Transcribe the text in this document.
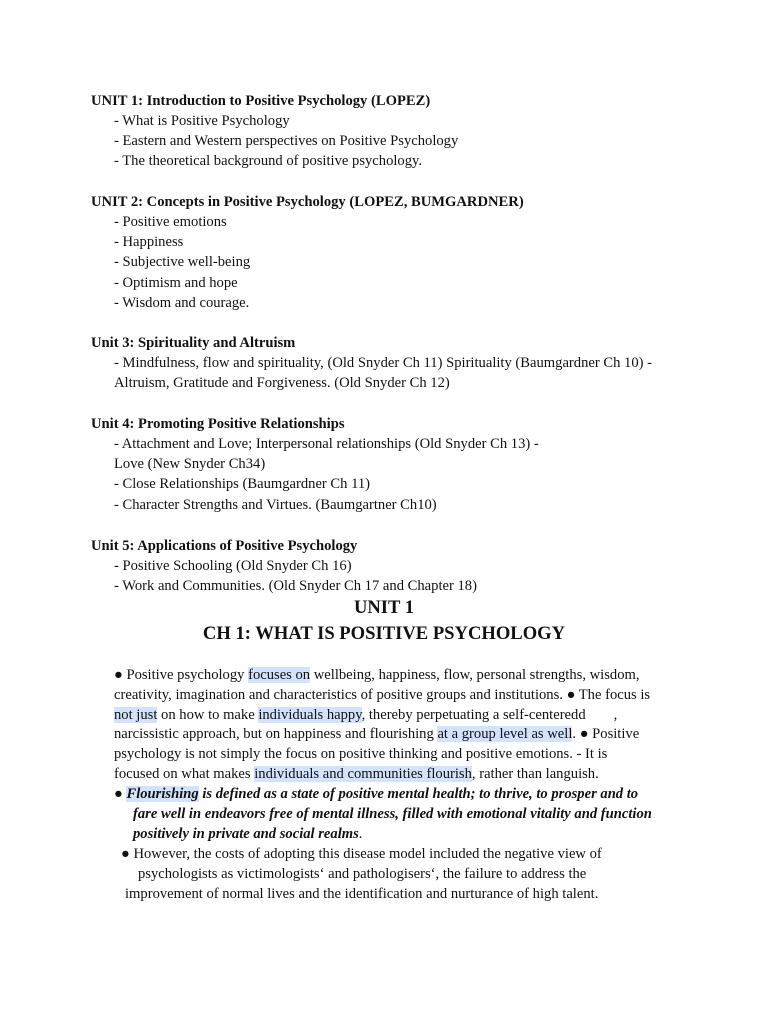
UNIT 1: Introduction to Positive Psychology (LOPEZ)
- What is Positive Psychology
- Eastern and Western perspectives on Positive Psychology
- The theoretical background of positive psychology.
UNIT 2: Concepts in Positive Psychology (LOPEZ, BUMGARDNER)
- Positive emotions
- Happiness
- Subjective well-being
- Optimism and hope
- Wisdom and courage.
Unit 3: Spirituality and Altruism
- Mindfulness, flow and spirituality, (Old Snyder Ch 11) Spirituality (Baumgardner Ch 10) -
Altruism, Gratitude and Forgiveness. (Old Snyder Ch 12)
Unit 4: Promoting Positive Relationships
- Attachment and Love; Interpersonal relationships (Old Snyder Ch 13) -
Love (New Snyder Ch34)
- Close Relationships (Baumgardner Ch 11)
- Character Strengths and Virtues. (Baumgartner Ch10)
Unit 5: Applications of Positive Psychology
- Positive Schooling (Old Snyder Ch 16)
- Work and Communities. (Old Snyder Ch 17 and Chapter 18)
UNIT 1
CH 1: WHAT IS POSITIVE PSYCHOLOGY
● Positive psychology focuses on wellbeing, happiness, flow, personal strengths, wisdom,
creativity, imagination and characteristics of positive groups and institutions. ● The focus is
not just on how to make individuals happy, thereby perpetuating a self-centeredd ,
narcissistic approach, but on happiness and flourishing at a group level as well. ● Positive
psychology is not simply the focus on positive thinking and positive emotions. - It is
focused on what makes individuals and communities flourish, rather than languish.
● Flourishing is defined as a state of positive mental health; to thrive, to prosper and to
fare well in endeavors free of mental illness, filled with emotional vitality and function
positively in private and social realms.
● However, the costs of adopting this disease model included the negative view of
psychologists as victimologists‘ and pathologisers‘, the failure to address the
improvement of normal lives and the identification and nurturance of high talent.
